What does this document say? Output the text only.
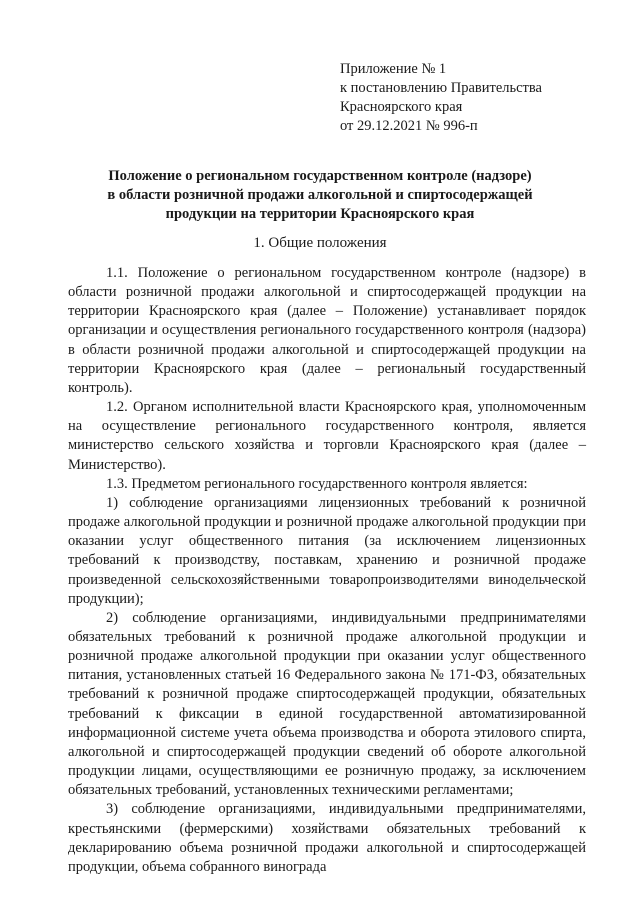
Приложение № 1
к постановлению Правительства
Красноярского края
от 29.12.2021 № 996-п
Положение о региональном государственном контроле (надзоре)
в области розничной продажи алкогольной и спиртосодержащей
продукции на территории Красноярского края
1. Общие положения

1.1. Положение о региональном государственном контроле (надзоре) в области розничной продажи алкогольной и спиртосодержащей продукции на территории Красноярского края (далее – Положение) устанавливает порядок организации и осуществления регионального государственного контроля (надзора) в области розничной продажи алкогольной и спиртосодержащей продукции на территории Красноярского края (далее – региональный государственный контроль).

1.2. Органом исполнительной власти Красноярского края, уполномоченным на осуществление регионального государственного контроля, является министерство сельского хозяйства и торговли Красноярского края (далее – Министерство).

1.3. Предметом регионального государственного контроля является:

1) соблюдение организациями лицензионных требований к розничной продаже алкогольной продукции и розничной продаже алкогольной продукции при оказании услуг общественного питания (за исключением лицензионных требований к производству, поставкам, хранению и розничной продаже произведенной сельскохозяйственными товаропроизводителями винодельческой продукции);

2) соблюдение организациями, индивидуальными предпринимателями обязательных требований к розничной продаже алкогольной продукции и розничной продаже алкогольной продукции при оказании услуг общественного питания, установленных статьей 16 Федерального закона № 171-ФЗ, обязательных требований к розничной продаже спиртосодержащей продукции, обязательных требований к фиксации в единой государственной автоматизированной информационной системе учета объема производства и оборота этилового спирта, алкогольной и спиртосодержащей продукции сведений об обороте алкогольной продукции лицами, осуществляющими ее розничную продажу, за исключением обязательных требований, установленных техническими регламентами;

3) соблюдение организациями, индивидуальными предпринимателями, крестьянскими (фермерскими) хозяйствами обязательных требований к декларированию объема розничной продажи алкогольной и спиртосодержащей продукции, объема собранного винограда
